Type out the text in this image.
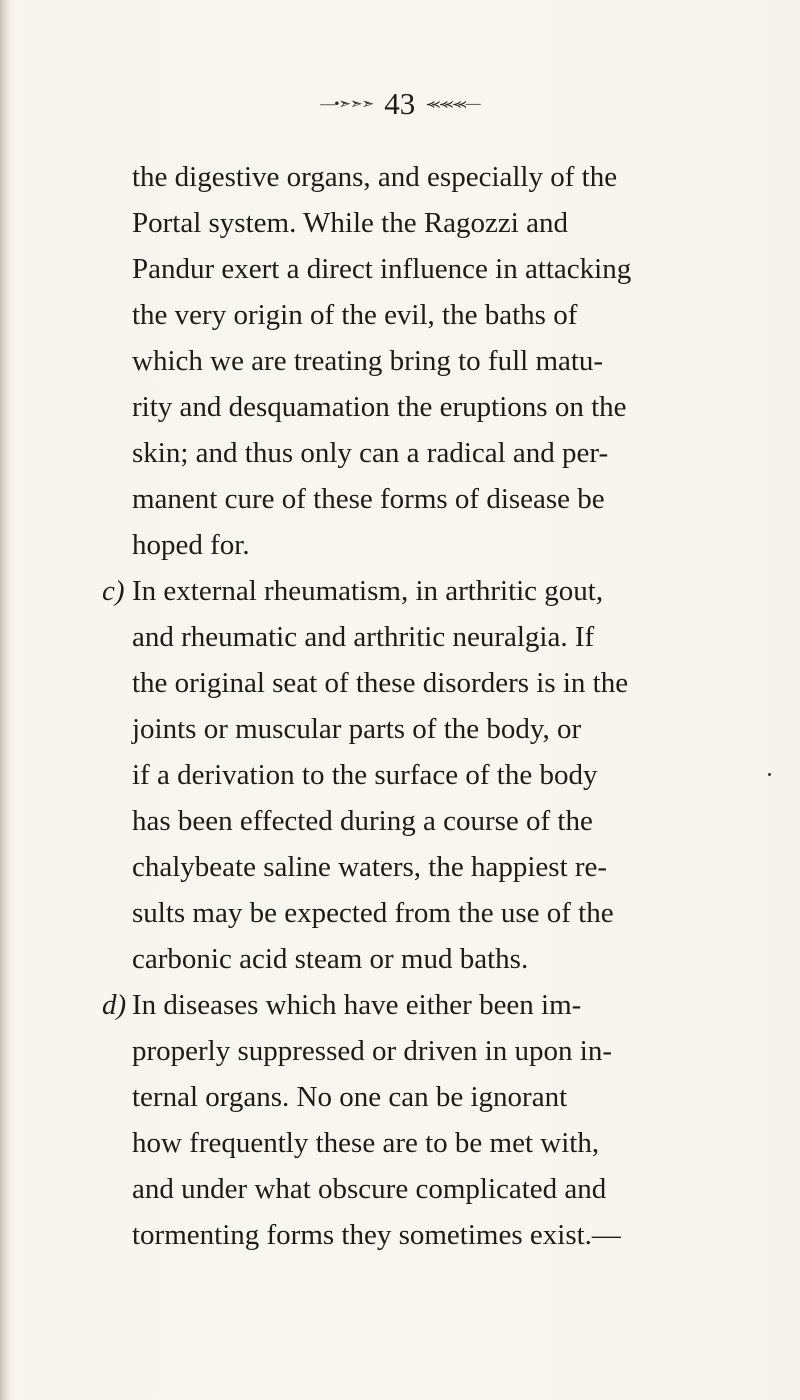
—•➣➣➣ 43 ⪻⪻⪻—
the digestive organs, and especially of the
Portal system. While the Ragozzi and
Pandur exert a direct influence in attacking
the very origin of the evil, the baths of
which we are treating bring to full matu-
rity and desquamation the eruptions on the
skin; and thus only can a radical and per-
manent cure of these forms of disease be
hoped for.
c) In external rheumatism, in arthritic gout,
and rheumatic and arthritic neuralgia. If
the original seat of these disorders is in the
joints or muscular parts of the body, or
if a derivation to the surface of the body
has been effected during a course of the
chalybeate saline waters, the happiest re-
sults may be expected from the use of the
carbonic acid steam or mud baths.
d) In diseases which have either been im-
properly suppressed or driven in upon in-
ternal organs. No one can be ignorant
how frequently these are to be met with,
and under what obscure complicated and
tormenting forms they sometimes exist.—
